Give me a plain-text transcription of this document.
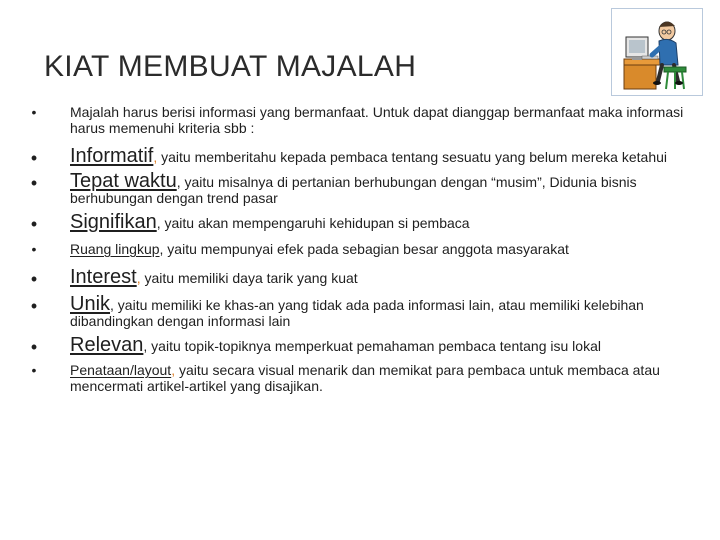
KIAT MEMBUAT MAJALAH
• Majalah harus berisi informasi yang bermanfaat. Untuk dapat dianggap bermanfaat maka informasi harus memenuhi kriteria sbb :
• Informatif, yaitu memberitahu kepada pembaca tentang sesuatu yang belum mereka ketahui
• Tepat waktu, yaitu misalnya di pertanian berhubungan dengan “musim”, Didunia bisnis berhubungan dengan trend pasar
• Signifikan, yaitu akan mempengaruhi kehidupan si pembaca
• Ruang lingkup, yaitu mempunyai efek pada sebagian besar anggota masyarakat
• Interest, yaitu memiliki daya tarik yang kuat
• Unik, yaitu memiliki ke khas-an yang tidak ada pada informasi lain, atau memiliki kelebihan dibandingkan dengan informasi lain
• Relevan, yaitu topik-topiknya memperkuat pemahaman pembaca tentang isu lokal
• Penataan/layout, yaitu secara visual menarik dan memikat para pembaca untuk membaca atau mencermati artikel-artikel yang disajikan.
